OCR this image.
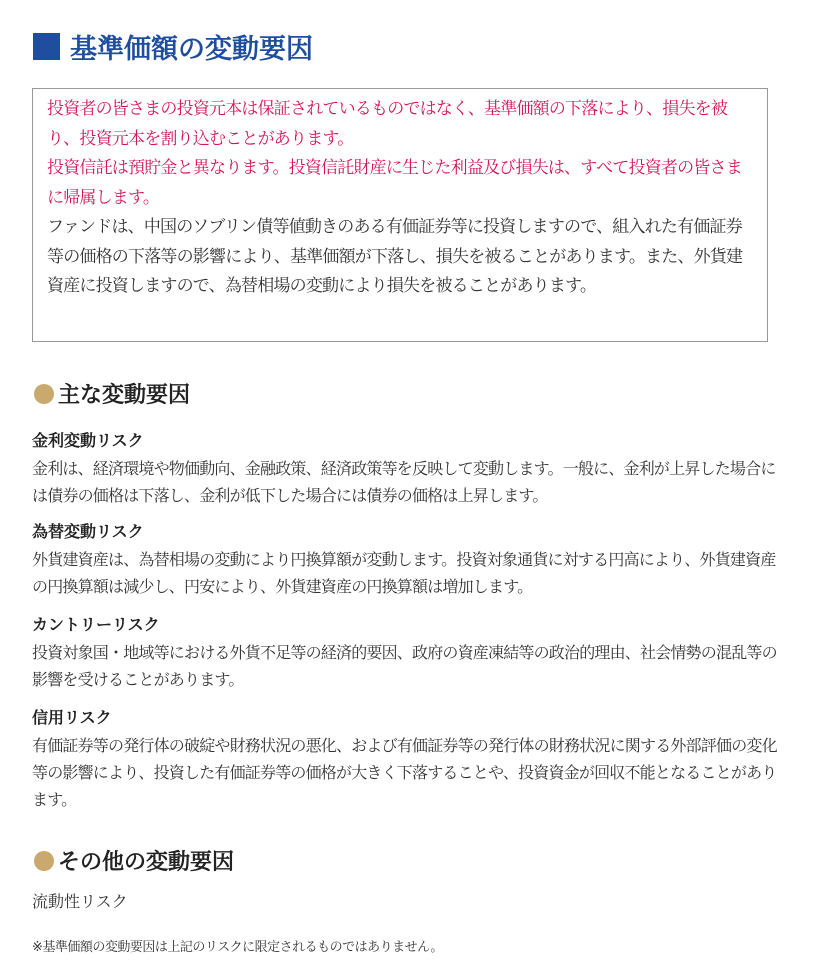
基準価額の変動要因

投資者の皆さまの投資元本は保証されているものではなく、基準価額の下落により、損失を被り、投資元本を割り込むことがあります。

投資信託は預貯金と異なります。投資信託財産に生じた利益及び損失は、すべて投資者の皆さまに帰属します。

ファンドは、中国のソブリン債等値動きのある有価証券等に投資しますので、組入れた有価証券等の価格の下落等の影響により、基準価額が下落し、損失を被ることがあります。また、外貨建資産に投資しますので、為替相場の変動により損失を被ることがあります。

主な変動要因

金利変動リスク

金利は、経済環境や物価動向、金融政策、経済政策等を反映して変動します。一般に、金利が上昇した場合には債券の価格は下落し、金利が低下した場合には債券の価格は上昇します。

為替変動リスク

外貨建資産は、為替相場の変動により円換算額が変動します。投資対象通貨に対する円高により、外貨建資産の円換算額は減少し、円安により、外貨建資産の円換算額は増加します。

カントリーリスク

投資対象国・地域等における外貨不足等の経済的要因、政府の資産凍結等の政治的理由、社会情勢の混乱等の影響を受けることがあります。

信用リスク

有価証券等の発行体の破綻や財務状況の悪化、および有価証券等の発行体の財務状況に関する外部評価の変化等の影響により、投資した有価証券等の価格が大きく下落することや、投資資金が回収不能となることがあります。

その他の変動要因
流動性リスク
※基準価額の変動要因は上記のリスクに限定されるものではありません。
